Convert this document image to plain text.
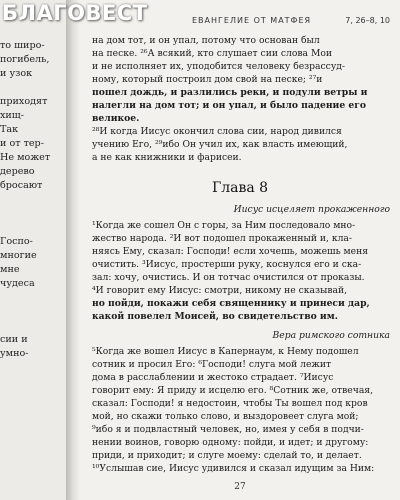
то широ-
погибель,
и узок
приходят
хищ-
Так
и от тер-
Не может
дерево
бросают
Госпо-
многие
мне
чудеса
сии и
умно-
БЛАГОВЕСТ	ЕВАНГЕЛИЕ ОТ МАТФЕЯ	7, 26–8, 10
на дом тот, и он упал, потому что основан был
на песке. ²⁶А всякий, кто слушает сии слова Мои
и не исполняет их, уподобится человеку безрассуд-
ному, который построил дом свой на песке; ²⁷и
пошел дождь, и разлились реки, и подули ветры и
налегли на дом тот; и он упал, и было падение его
великое.
²⁸И когда Иисус окончил слова сии, народ дивился
учению Его, ²⁹ибо Он учил их, как власть имеющий,
а не как книжники и фарисеи.
Глава 8
Иисус исцеляет прокаженного
¹Когда же сошел Он с горы, за Ним последовало мно-
жество народа. ²И вот подошел прокаженный и, кла-
няясь Ему, сказал: Господи! если хочешь, можешь меня
очистить. ³Иисус, простерши руку, коснулся его и ска-
зал: хочу, очистись. И он тотчас очистился от проказы.
⁴И говорит ему Иисус: смотри, никому не сказывай,
но пойди, покажи себя священнику и принеси дар,
какой повелел Моисей, во свидетельство им.
Вера римского сотника
⁵Когда же вошел Иисус в Капернаум, к Нему подошел
сотник и просил Его: ⁶Господи! слуга мой лежит
дома в расслаблении и жестоко страдает. ⁷Иисус
говорит ему: Я приду и исцелю его. ⁸Сотник же, отвечая,
сказал: Господи! я недостоин, чтобы Ты вошел под кров
мой, но скажи только слово, и выздоровеет слуга мой;
⁹ибо я и подвластный человек, но, имея у себя в подчи-
нении воинов, говорю одному: пойди, и идет; и другому:
приди, и приходит; и слуге моему: сделай то, и делает.
¹⁰Услышав сие, Иисус удивился и сказал идущим за Ним:
27
